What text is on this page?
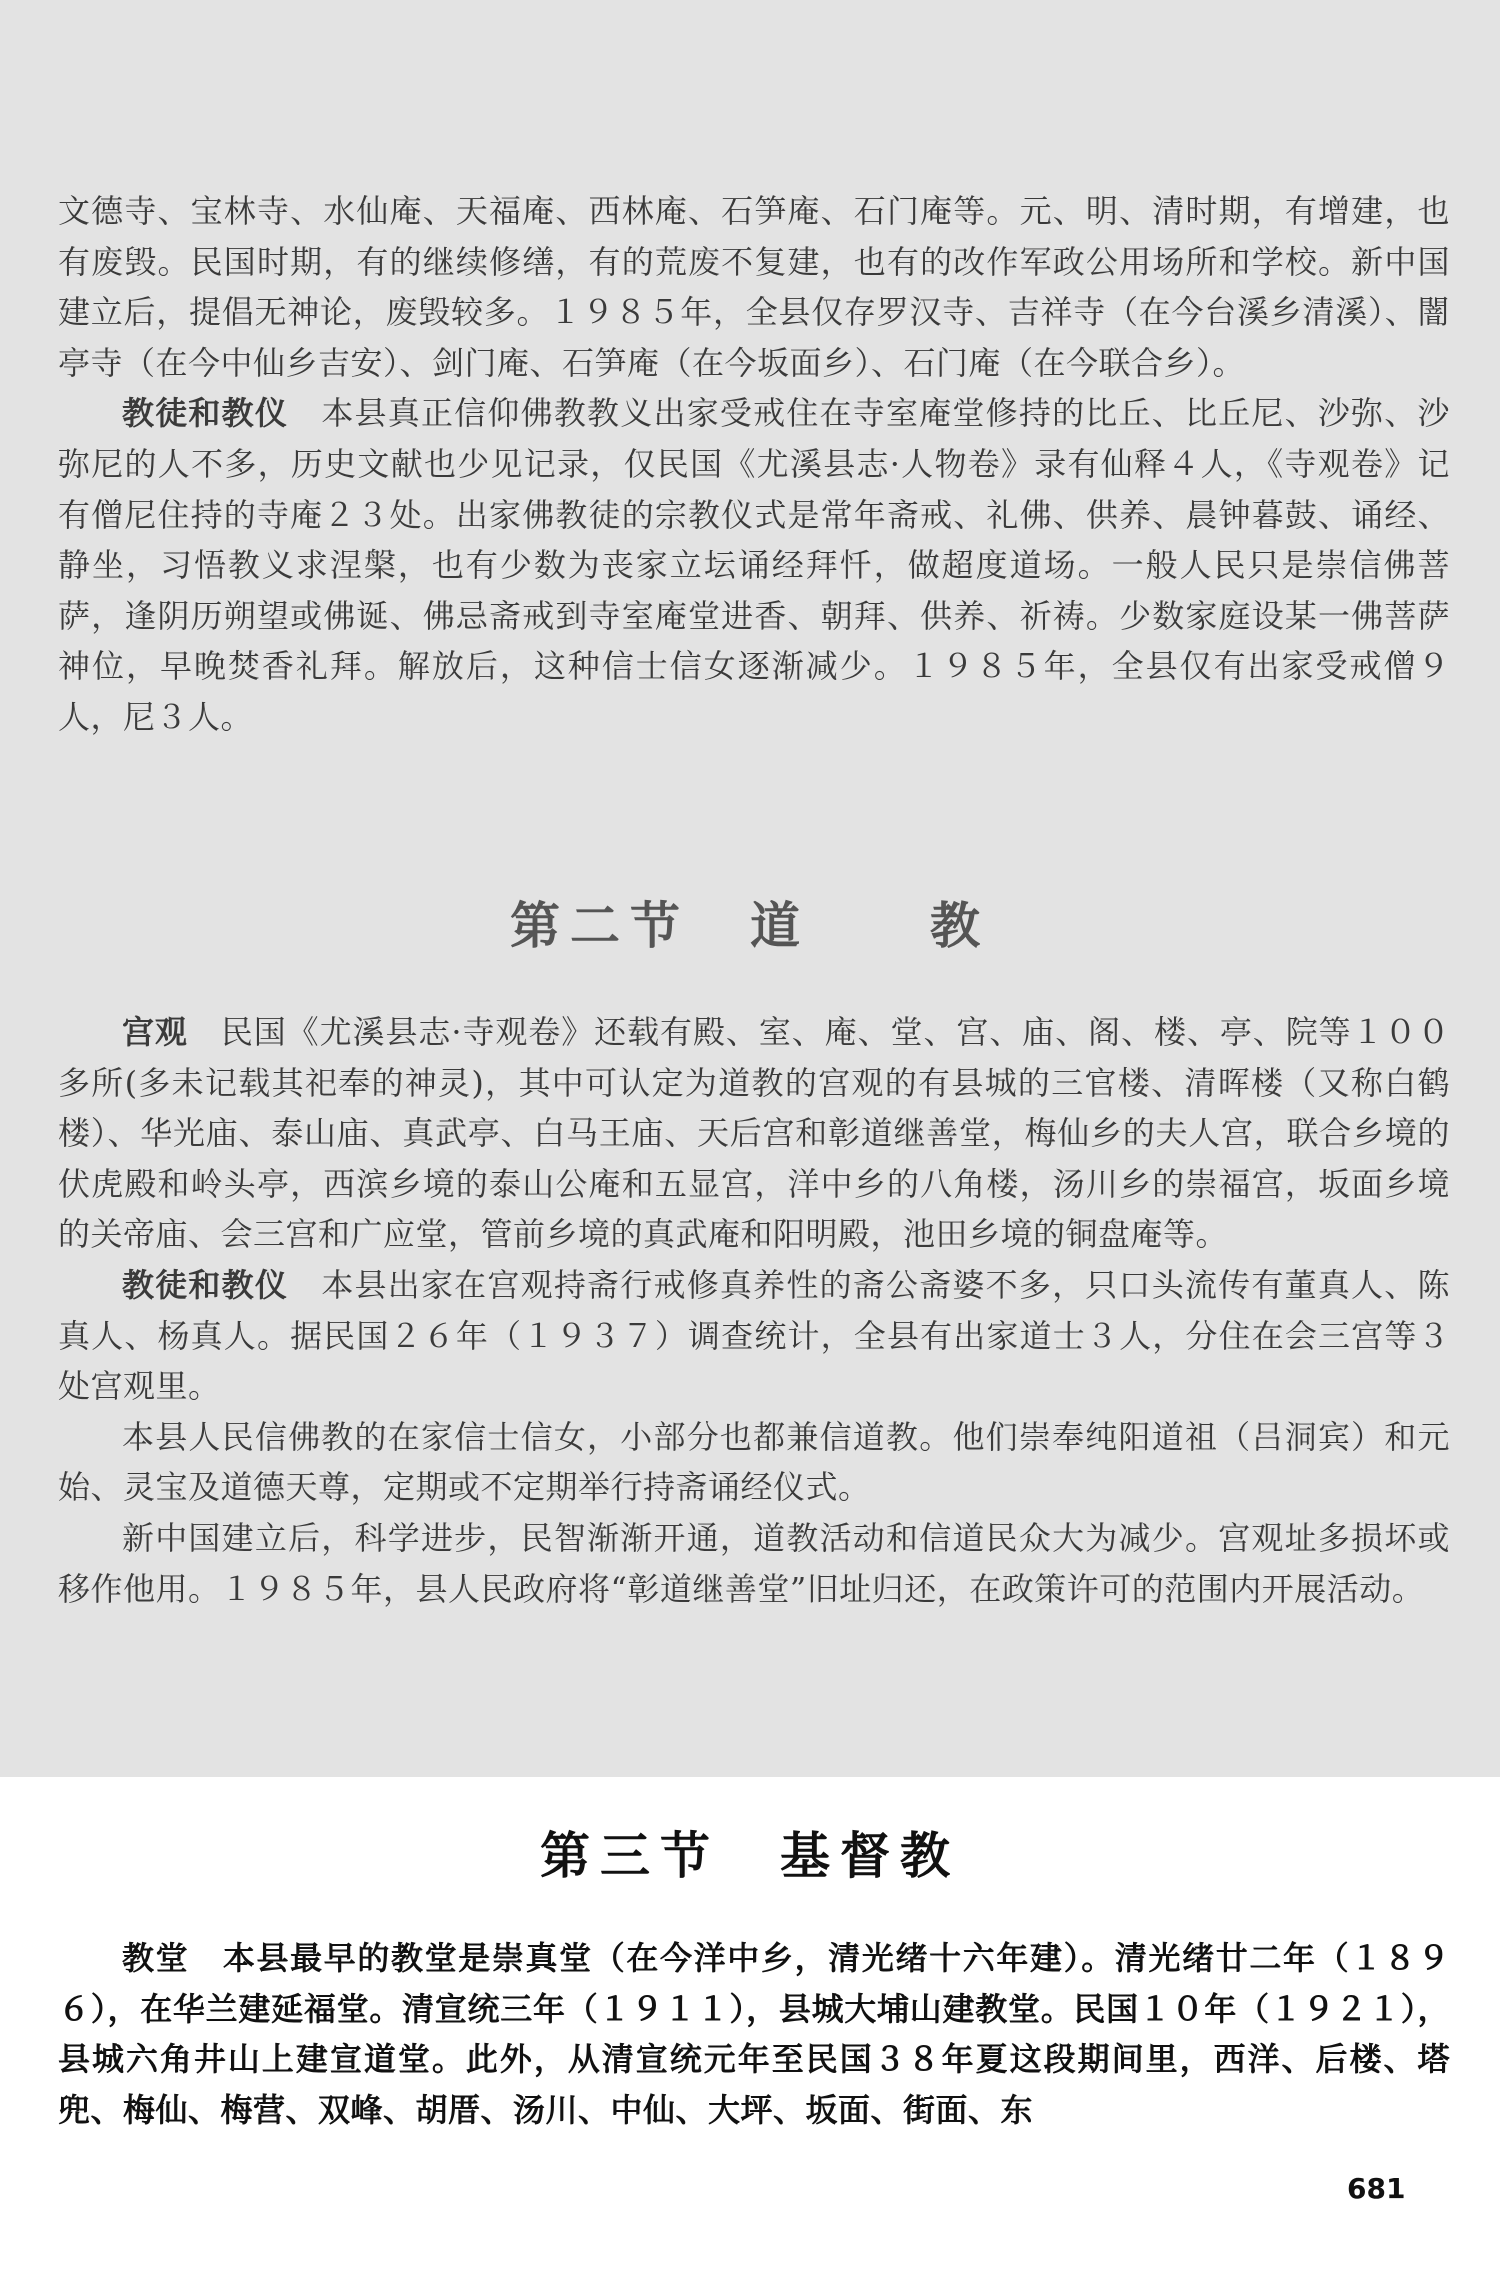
文德寺、宝林寺、水仙庵、天福庵、西林庵、石笋庵、石门庵等。元、明、清时期，有增建，也有废毁。民国时期，有的继续修缮，有的荒废不复建，也有的改作军政公用场所和学校。新中国建立后，提倡无神论，废毁较多。１９８５年，全县仅存罗汉寺、吉祥寺（在今台溪乡清溪）、闇亭寺（在今中仙乡吉安）、剑门庵、石笋庵（在今坂面乡）、石门庵（在今联合乡）。

教徒和教仪　 本县真正信仰佛教教义出家受戒住在寺室庵堂修持的比丘、比丘尼、沙弥、沙弥尼的人不多，历史文献也少见记录，仅民国《尤溪县志·人物卷》录有仙释４人，《寺观卷》记有僧尼住持的寺庵２３处。出家佛教徒的宗教仪式是常年斋戒、礼佛、供养、晨钟暮鼓、诵经、静坐，习悟教义求涅槃，也有少数为丧家立坛诵经拜忏，做超度道场。一般人民只是崇信佛菩萨，逢阴历朔望或佛诞、佛忌斋戒到寺室庵堂进香、朝拜、供养、祈祷。少数家庭设某一佛菩萨神位，早晚焚香礼拜。解放后，这种信士信女逐渐减少。１９８５年，全县仅有出家受戒僧９人，尼３人。

第二节　道　　教

宫观　 民国《尤溪县志·寺观卷》还载有殿、室、庵、堂、宫、庙、阁、楼、亭、院等１００多所(多未记载其祀奉的神灵)，其中可认定为道教的宫观的有县城的三官楼、清晖楼（又称白鹤楼）、华光庙、泰山庙、真武亭、白马王庙、天后宫和彰道继善堂，梅仙乡的夫人宫，联合乡境的伏虎殿和岭头亭，西滨乡境的泰山公庵和五显宫，洋中乡的八角楼，汤川乡的崇福宫，坂面乡境的关帝庙、会三宫和广应堂，管前乡境的真武庵和阳明殿，池田乡境的铜盘庵等。

教徒和教仪　 本县出家在宫观持斋行戒修真养性的斋公斋婆不多，只口头流传有董真人、陈真人、杨真人。据民国２６年（１９３７）调查统计，全县有出家道士３人，分住在会三宫等３处宫观里。

本县人民信佛教的在家信士信女，小部分也都兼信道教。他们崇奉纯阳道祖（吕洞宾）和元始、灵宝及道德天尊，定期或不定期举行持斋诵经仪式。

新中国建立后，科学进步，民智渐渐开通，道教活动和信道民众大为减少。宫观址多损坏或移作他用。１９８５年，县人民政府将“彰道继善堂”旧址归还，在政策许可的范围内开展活动。

第三节　基督教

教堂　 本县最早的教堂是崇真堂（在今洋中乡，清光绪十六年建）。清光绪廿二年（１８９６），在华兰建延福堂。清宣统三年（１９１１），县城大埔山建教堂。民国１０年（１９２１），县城六角井山上建宣道堂。此外，从清宣统元年至民国３８年夏这段期间里，西洋、后楼、塔兜、梅仙、梅营、双峰、胡厝、汤川、中仙、大坪、坂面、街面、东

681
